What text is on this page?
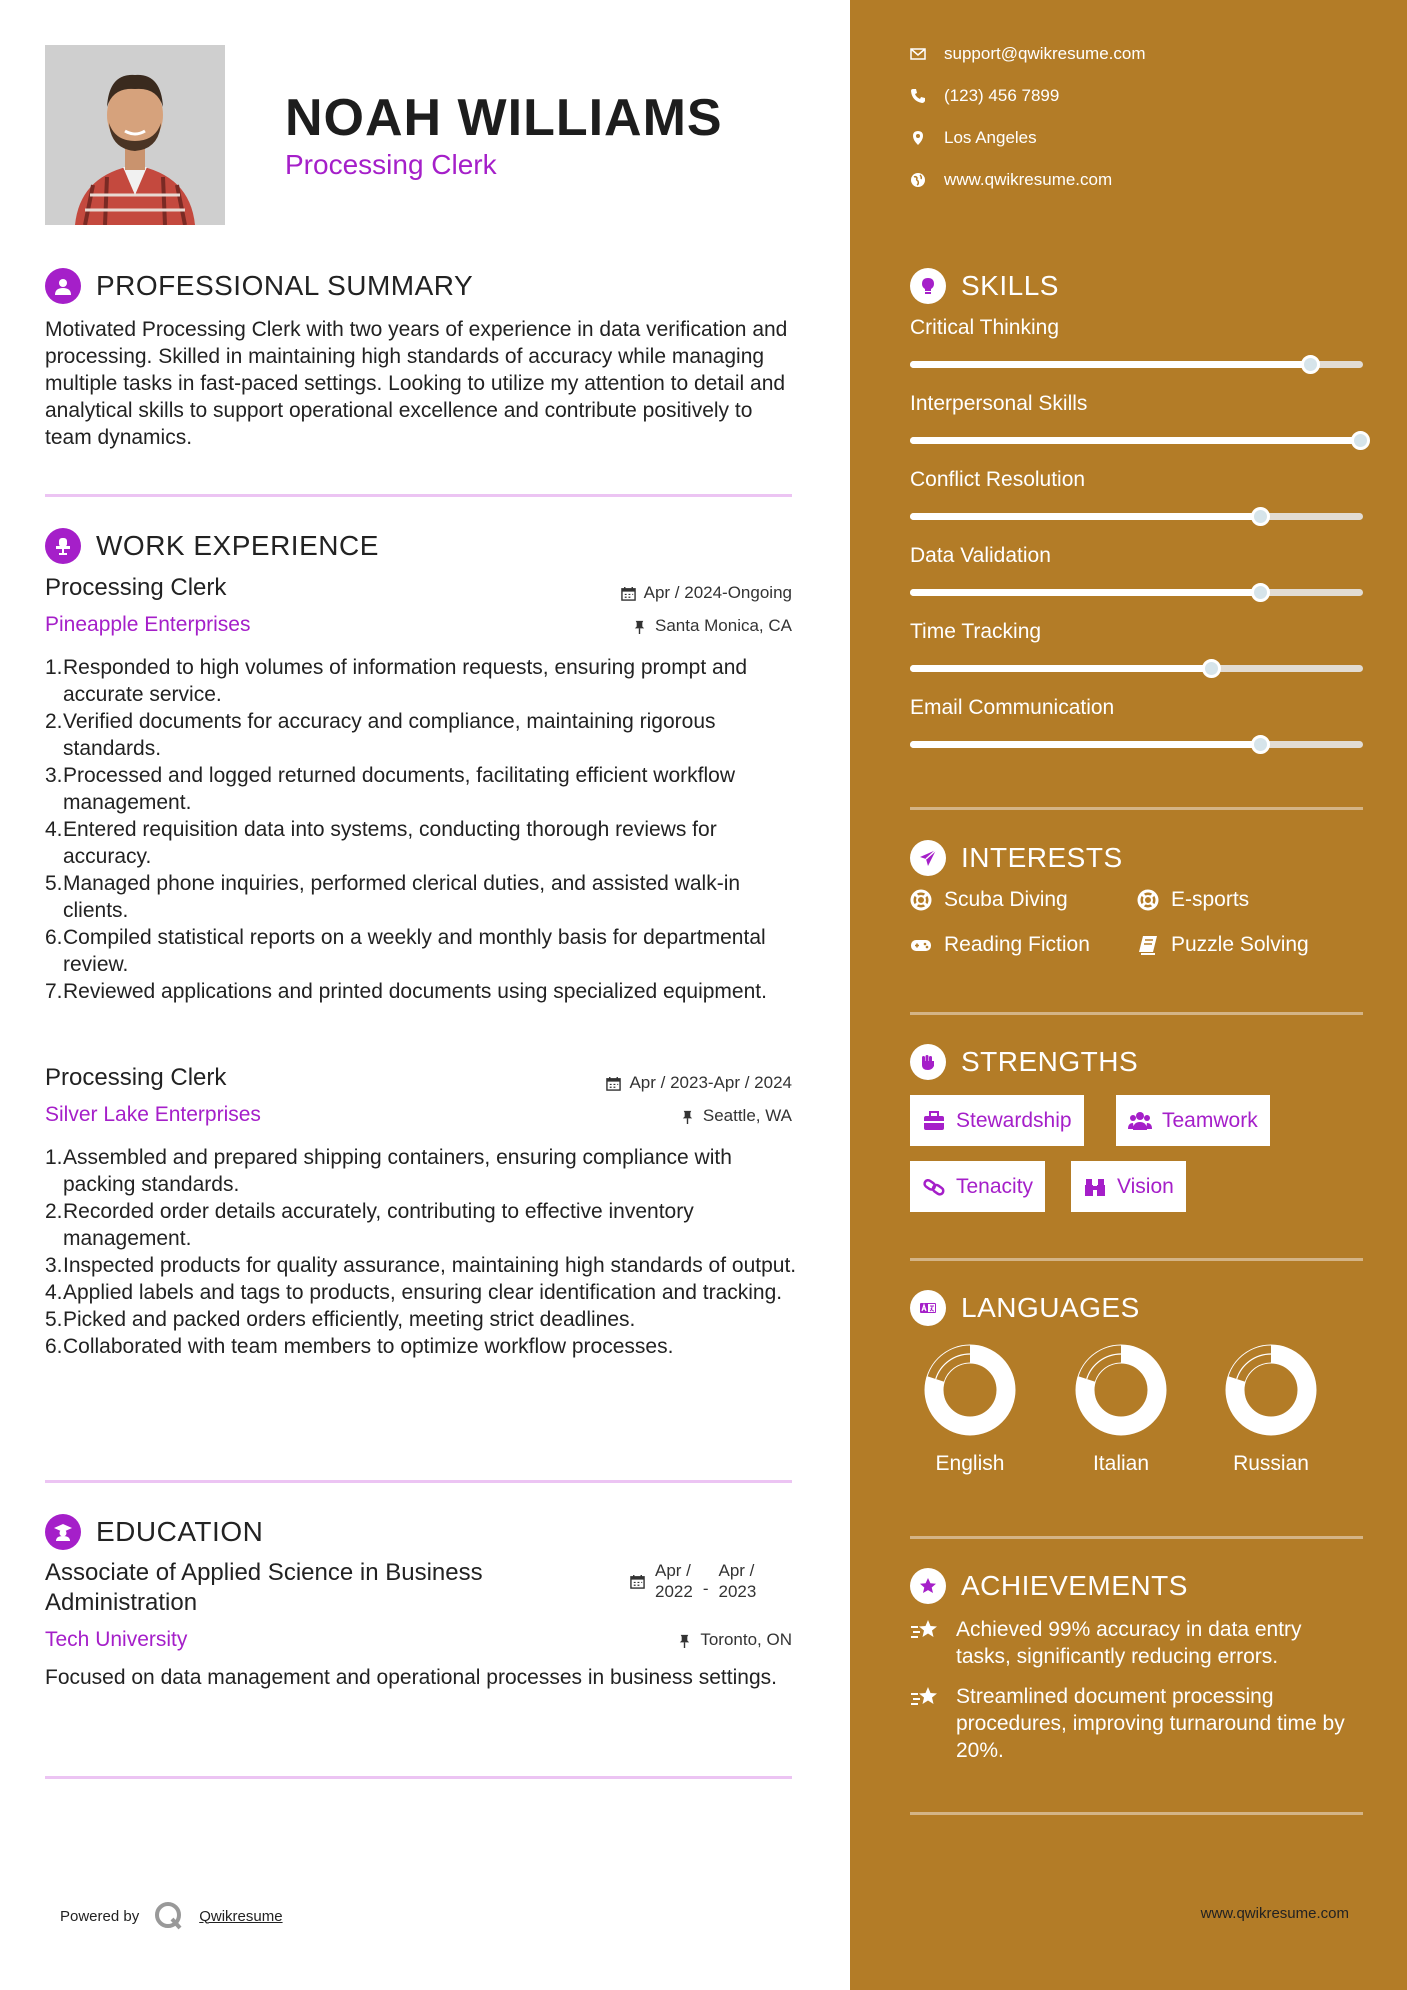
NOAH WILLIAMS
Processing Clerk
PROFESSIONAL SUMMARY
Motivated Processing Clerk with two years of experience in data verification and processing. Skilled in maintaining high standards of accuracy while managing multiple tasks in fast-paced settings. Looking to utilize my attention to detail and analytical skills to support operational excellence and contribute positively to team dynamics.
WORK EXPERIENCE
Processing Clerk	Apr / 2024-Ongoing
Pineapple Enterprises	Santa Monica, CA
1. Responded to high volumes of information requests, ensuring prompt and accurate service.
2. Verified documents for accuracy and compliance, maintaining rigorous standards.
3. Processed and logged returned documents, facilitating efficient workflow management.
4. Entered requisition data into systems, conducting thorough reviews for accuracy.
5. Managed phone inquiries, performed clerical duties, and assisted walk-in clients.
6. Compiled statistical reports on a weekly and monthly basis for departmental review.
7. Reviewed applications and printed documents using specialized equipment.
Processing Clerk	Apr / 2023-Apr / 2024
Silver Lake Enterprises	Seattle, WA
1. Assembled and prepared shipping containers, ensuring compliance with packing standards.
2. Recorded order details accurately, contributing to effective inventory management.
3. Inspected products for quality assurance, maintaining high standards of output.
4. Applied labels and tags to products, ensuring clear identification and tracking.
5. Picked and packed orders efficiently, meeting strict deadlines.
6. Collaborated with team members to optimize workflow processes.
EDUCATION
Associate of Applied Science in Business Administration
Apr /
2022 -
Apr /
2023
Tech University	Toronto, ON
Focused on data management and operational processes in business settings.
Powered by	Qwikresume
support@qwikresume.com
(123) 456 7899
Los Angeles
www.qwikresume.com
SKILLS
Critical Thinking
Interpersonal Skills
Conflict Resolution
Data Validation
Time Tracking
Email Communication
INTERESTS
Scuba Diving	E-sports
Reading Fiction	Puzzle Solving
STRENGTHS
Stewardship	Teamwork
Tenacity	Vision
LANGUAGES
English	Italian	Russian
ACHIEVEMENTS
Achieved 99% accuracy in data entry tasks, significantly reducing errors.
Streamlined document processing procedures, improving turnaround time by 20%.
www.qwikresume.com
